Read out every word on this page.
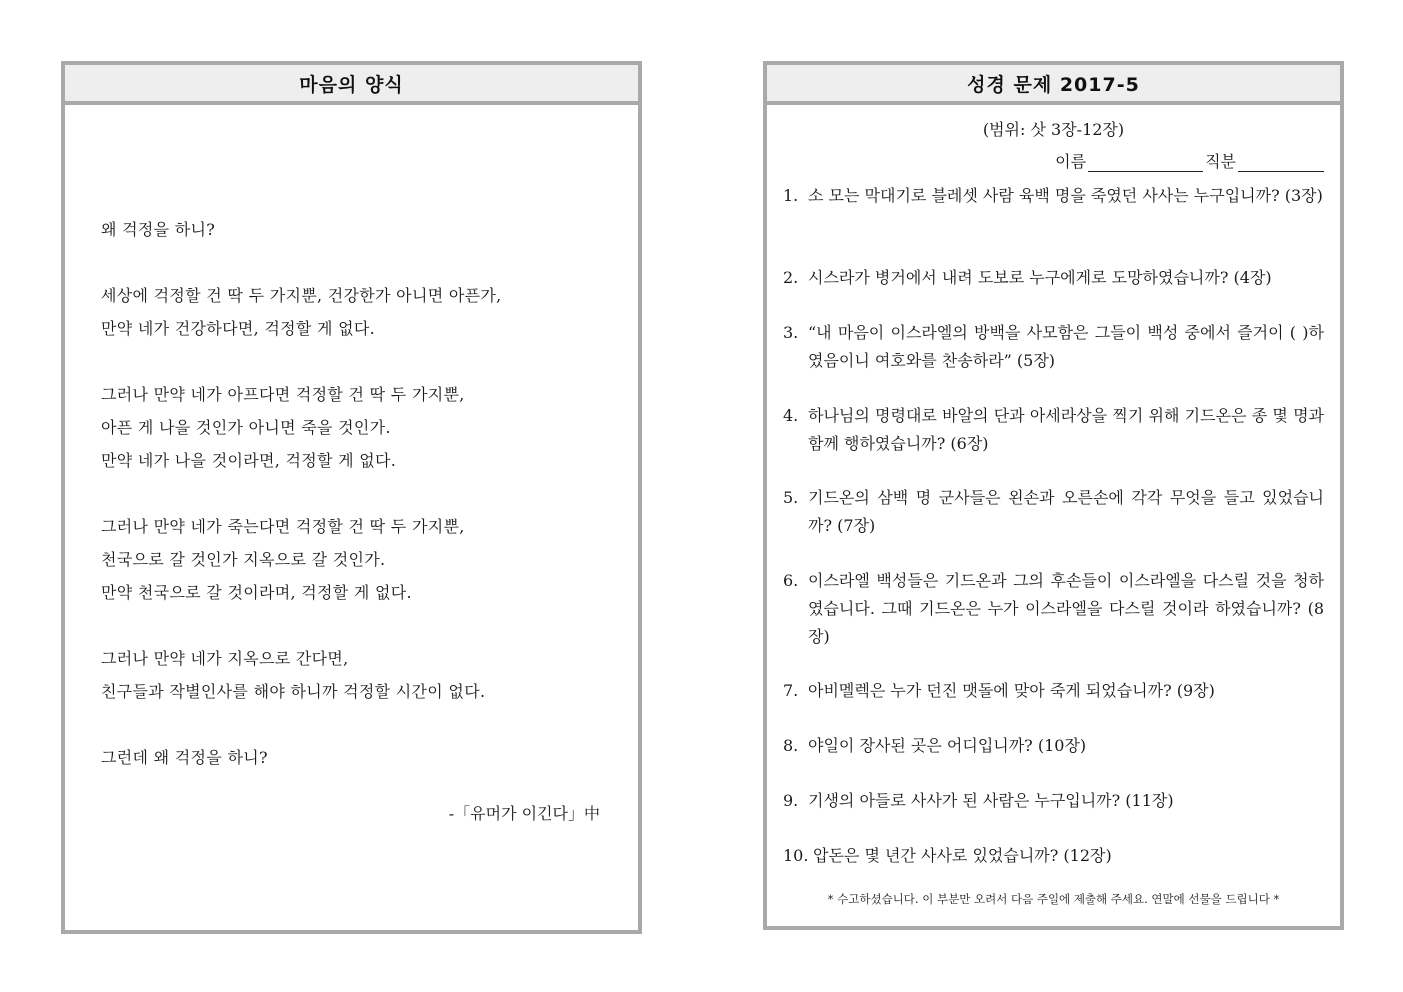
마음의 양식
왜 걱정을 하니?
세상에 걱정할 건 딱 두 가지뿐, 건강한가 아니면 아픈가,
만약 네가 건강하다면, 걱정할 게 없다.
그러나 만약 네가 아프다면 걱정할 건 딱 두 가지뿐,
아픈 게 나을 것인가 아니면 죽을 것인가.
만약 네가 나을 것이라면, 걱정할 게 없다.
그러나 만약 네가 죽는다면 걱정할 건 딱 두 가지뿐,
천국으로 갈 것인가 지옥으로 갈 것인가.
만약 천국으로 갈 것이라며, 걱정할 게 없다.
그러나 만약 네가 지옥으로 간다면,
친구들과 작별인사를 해야 하니까 걱정할 시간이 없다.
그런데 왜 걱정을 하니?
-「유머가 이긴다」中
성경 문제 2017-5
(범위: 삿 3장-12장)
이름	직분
1. 소 모는 막대기로 블레셋 사람 육백 명을 죽였던 사사는 누구입니까? (3장)
2. 시스라가 병거에서 내려 도보로 누구에게로 도망하였습니까? (4장)
3. “내 마음이 이스라엘의 방백을 사모함은 그들이 백성 중에서 즐거이 ( )하였음이니 여호와를 찬송하라” (5장)
4. 하나님의 명령대로 바알의 단과 아세라상을 찍기 위해 기드온은 종 몇 명과 함께 행하였습니까? (6장)
5. 기드온의 삼백 명 군사들은 왼손과 오른손에 각각 무엇을 들고 있었습니까? (7장)
6. 이스라엘 백성들은 기드온과 그의 후손들이 이스라엘을 다스릴 것을 청하였습니다. 그때 기드온은 누가 이스라엘을 다스릴 것이라 하였습니까? (8장)
7. 아비멜렉은 누가 던진 맷돌에 맞아 죽게 되었습니까? (9장)
8. 야일이 장사된 곳은 어디입니까? (10장)
9. 기생의 아들로 사사가 된 사람은 누구입니까? (11장)
10. 압돈은 몇 년간 사사로 있었습니까? (12장)
* 수고하셨습니다. 이 부분만 오려서 다음 주일에 제출해 주세요. 연말에 선물을 드립니다 *
